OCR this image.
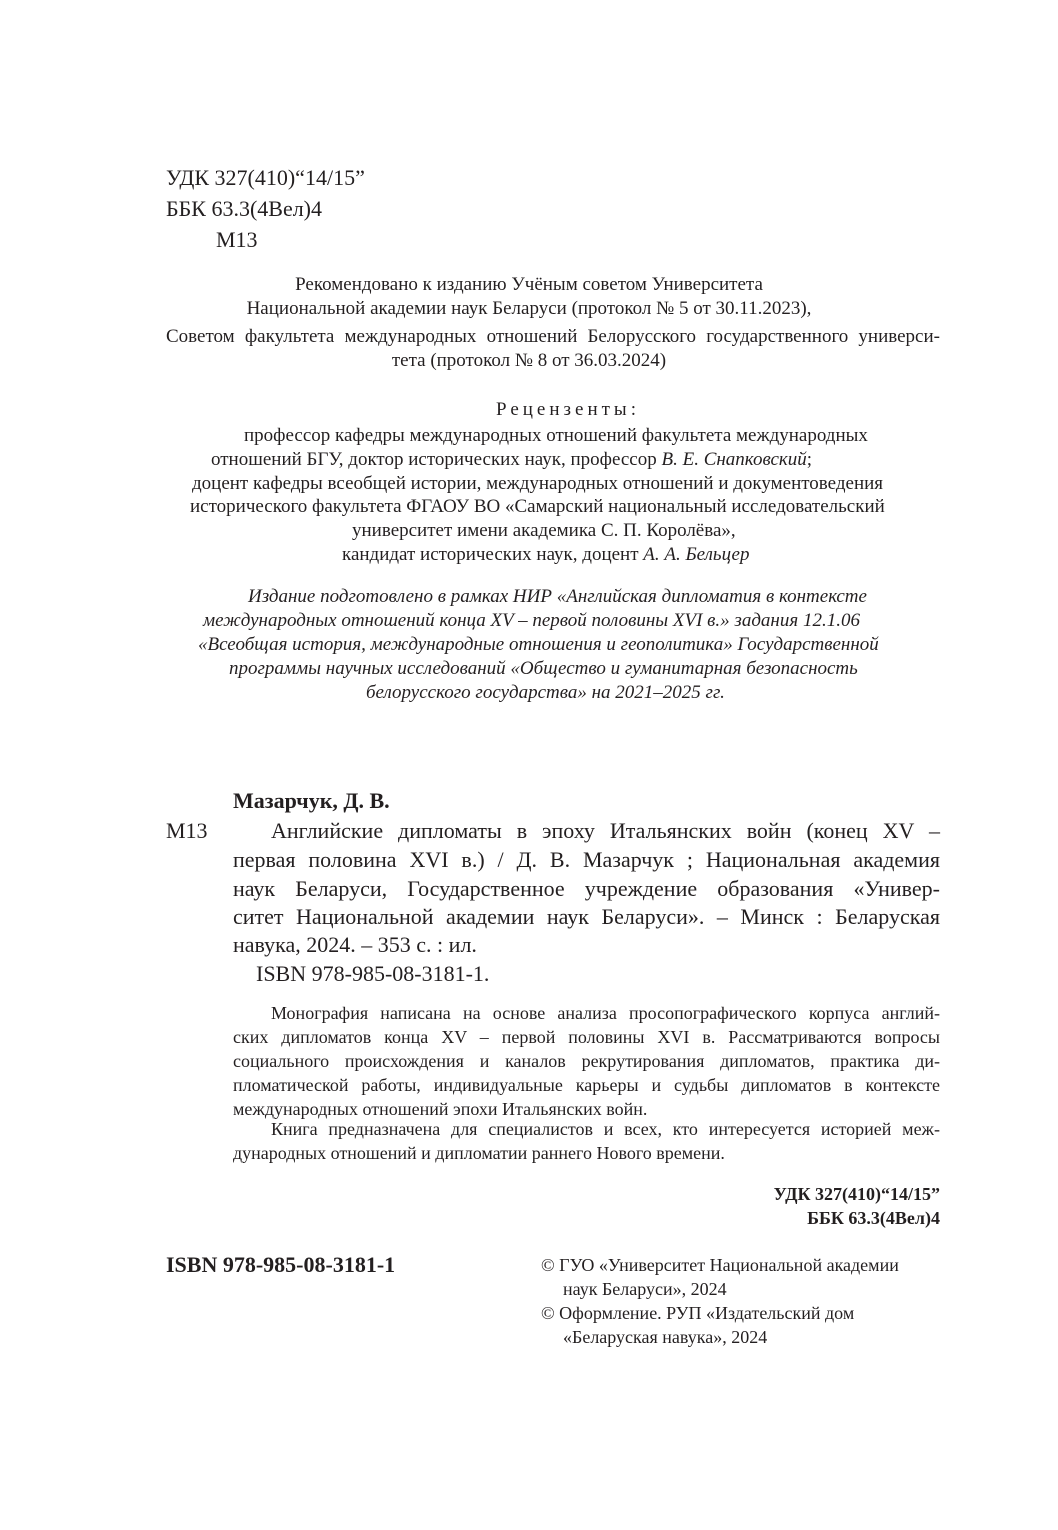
УДК 327(410)“14/15”
ББК 63.3(4Вел)4
М13
Рекомендовано к изданию Учёным советом Университета
Национальной академии наук Беларуси (протокол № 5 от 30.11.2023),
Советом факультета международных отношений Белорусского государственного универси-
тета (протокол № 8 от 36.03.2024)
Рецензенты:
профессор кафедры международных отношений факультета международных
отношений БГУ, доктор исторических наук, профессор В. Е. Снапковский;
доцент кафедры всеобщей истории, международных отношений и документоведения
исторического факультета ФГАОУ ВО «Самарский национальный исследовательский
университет имени академика С. П. Королёва»,
кандидат исторических наук, доцент А. А. Бельцер
Издание подготовлено в рамках НИР «Английская дипломатия в контексте
международных отношений конца XV – первой половины XVI в.» задания 12.1.06
«Всеобщая история, международные отношения и геополитика» Государственной
программы научных исследований «Общество и гуманитарная безопасность
белорусского государства» на 2021–2025 гг.
Мазарчук, Д. В.
М13	Английские дипломаты в эпоху Итальянских войн (конец XV –
первая половина XVI в.) / Д. В. Мазарчук ; Национальная академия
наук Беларуси, Государственное учреждение образования «Универ-
ситет Национальной академии наук Беларуси». – Минск : Беларуская
навука, 2024. – 353 с. : ил.
ISBN 978-985-08-3181-1.
Монография написана на основе анализа просопографического корпуса англий-
ских дипломатов конца XV – первой половины XVI в. Рассматриваются вопросы
социального происхождения и каналов рекрутирования дипломатов, практика ди-
пломатической работы, индивидуальные карьеры и судьбы дипломатов в контексте
международных отношений эпохи Итальянских войн.
Книга предназначена для специалистов и всех, кто интересуется историей меж-
дународных отношений и дипломатии раннего Нового времени.
УДК 327(410)“14/15”
ББК 63.3(4Вел)4
ISBN 978-985-08-3181-1	© ГУО «Университет Национальной академии
наук Беларуси», 2024
© Оформление. РУП «Издательский дом
«Беларуская навука», 2024
